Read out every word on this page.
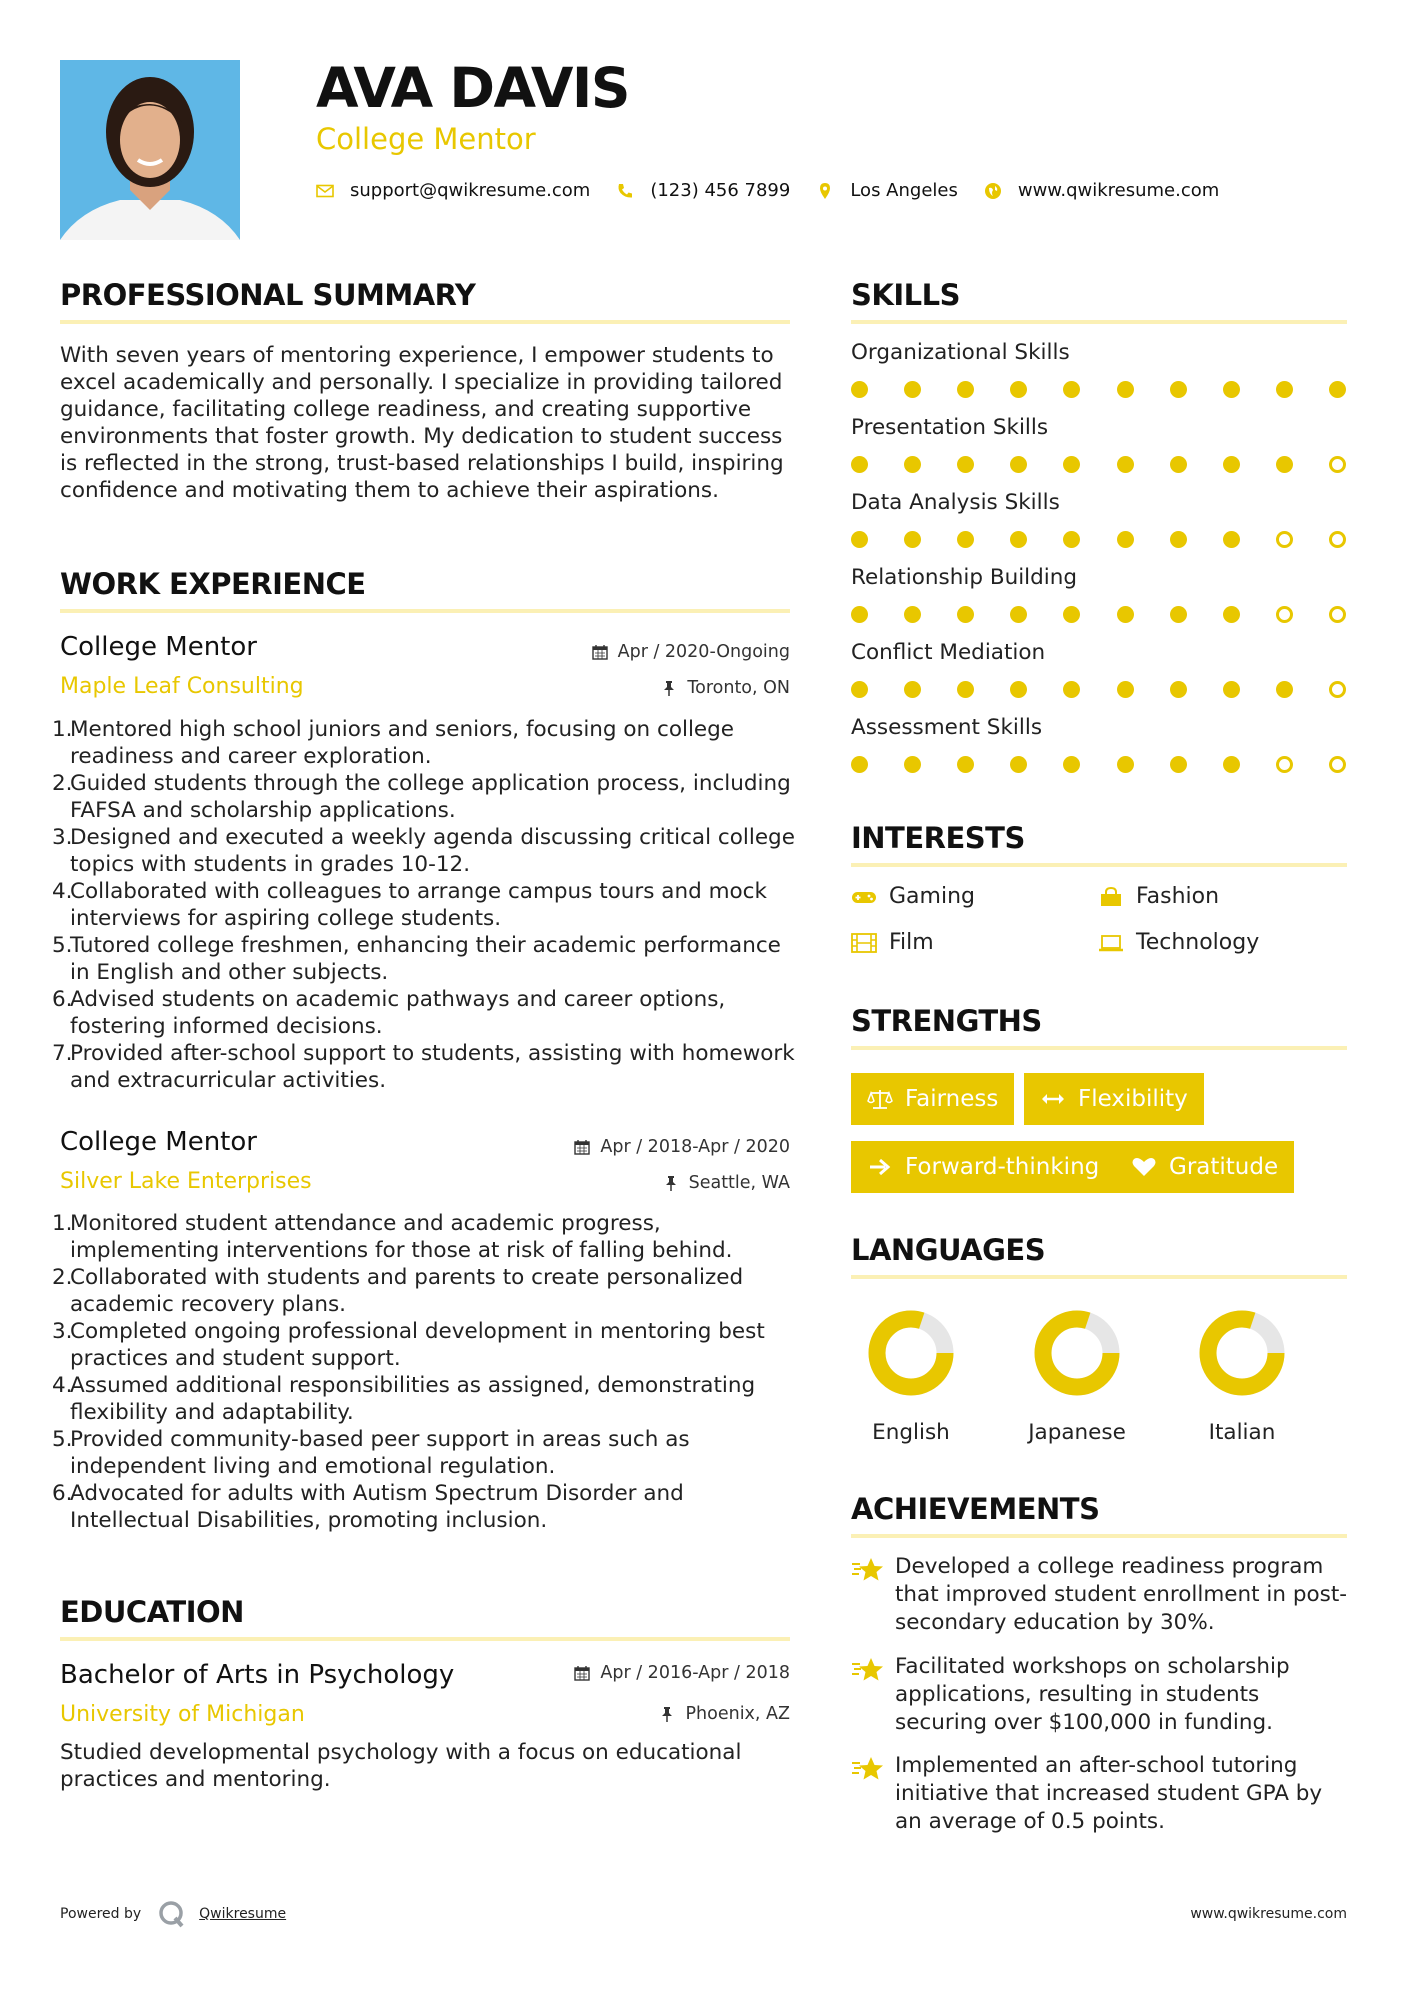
AVA DAVIS
College Mentor
support@qwikresume.com	(123) 456 7899	Los Angeles	www.qwikresume.com
PROFESSIONAL SUMMARY
With seven years of mentoring experience, I empower students to excel academically and personally. I specialize in providing tailored guidance, facilitating college readiness, and creating supportive environments that foster growth. My dedication to student success is reflected in the strong, trust-based relationships I build, inspiring confidence and motivating them to achieve their aspirations.
WORK EXPERIENCE
College Mentor	Apr / 2020-Ongoing
Maple Leaf Consulting	Toronto, ON
1.
Mentored high school juniors and seniors, focusing on college readiness and career exploration.
2.
Guided students through the college application process, including FAFSA and scholarship applications.
3.
Designed and executed a weekly agenda discussing critical college topics with students in grades 10-12.
4.
Collaborated with colleagues to arrange campus tours and mock interviews for aspiring college students.
5.
Tutored college freshmen, enhancing their academic performance in English and other subjects.
6.
Advised students on academic pathways and career options, fostering informed decisions.
7.
Provided after-school support to students, assisting with homework and extracurricular activities.
College Mentor	Apr / 2018-Apr / 2020
Silver Lake Enterprises	Seattle, WA
1.
Monitored student attendance and academic progress, implementing interventions for those at risk of falling behind.
2.
Collaborated with students and parents to create personalized academic recovery plans.
3.
Completed ongoing professional development in mentoring best practices and student support.
4.
Assumed additional responsibilities as assigned, demonstrating flexibility and adaptability.
5.
Provided community-based peer support in areas such as independent living and emotional regulation.
6.
Advocated for adults with Autism Spectrum Disorder and Intellectual Disabilities, promoting inclusion.
EDUCATION
Bachelor of Arts in Psychology	Apr / 2016-Apr / 2018
University of Michigan	Phoenix, AZ
Studied developmental psychology with a focus on educational practices and mentoring.
SKILLS
Organizational Skills
Presentation Skills
Data Analysis Skills
Relationship Building
Conflict Mediation
Assessment Skills
INTERESTS
Gaming	Fashion
Film	Technology
STRENGTHS
Fairness	Flexibility
Forward-thinking	Gratitude
LANGUAGES
English	Japanese	Italian
ACHIEVEMENTS
Developed a college readiness program that improved student enrollment in post-secondary education by 30%.
Facilitated workshops on scholarship applications, resulting in students securing over $100,000 in funding.
Implemented an after-school tutoring initiative that increased student GPA by an average of 0.5 points.
Powered by	Qwikresume	www.qwikresume.com
